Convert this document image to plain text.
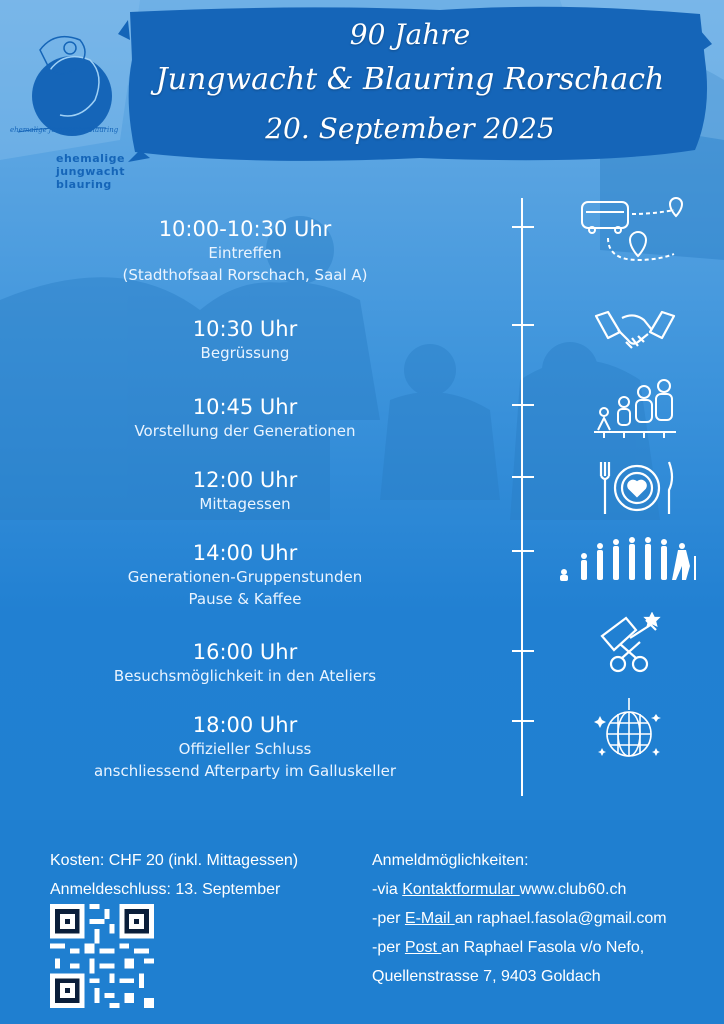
ehemalige jungwacht blauring
ehemalige
jungwacht
blauring
90 Jahre
Jungwacht & Blauring Rorschach
20. September 2025
10:00-10:30 Uhr
Eintreffen
(Stadthofsaal Rorschach, Saal A)
10:30 Uhr
Begrüssung
10:45 Uhr
Vorstellung der Generationen
12:00 Uhr
Mittagessen
14:00 Uhr
Generationen-Gruppenstunden
Pause & Kaffee
16:00 Uhr
Besuchsmöglichkeit in den Ateliers
18:00 Uhr
Offizieller Schluss
anschliessend Afterparty im Galluskeller
Kosten: CHF 20 (inkl. Mittagessen)
Anmeldeschluss: 13. September
Anmeldmöglichkeiten:
-via Kontaktformular www.club60.ch
-per E-Mail an raphael.fasola@gmail.com
-per Post an Raphael Fasola v/o Nefo,
Quellenstrasse 7, 9403 Goldach
